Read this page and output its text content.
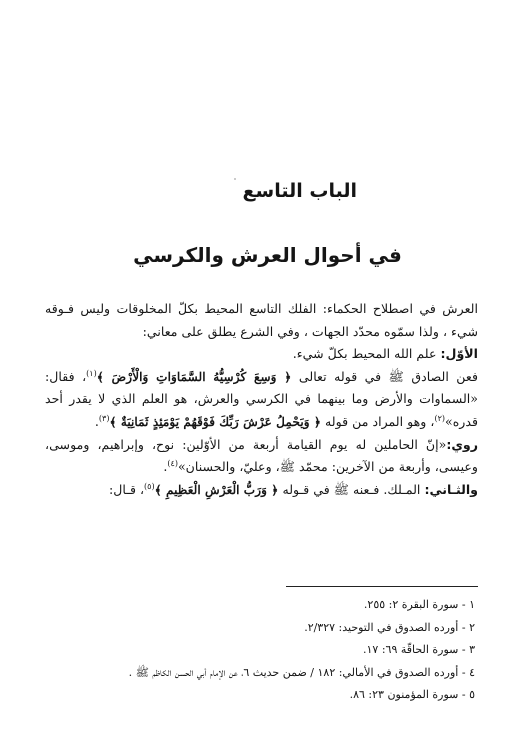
الباب التاسع
في أحوال العرش والكرسي

العرش في اصطلاح الحكماء: الفلك التاسع المحيط بكلّ المخلوقات وليس فـوقه شيء ، ولذا سمّوه محدّد الجهات ، وفي الشرع يطلق على معاني:

الأوّل: علم الله المحيط بكلّ شيء.

فعن الصادق ﷺ في قوله تعالى ﴿ وَسِعَ كُرْسِيُّهُ السَّمَاوَاتِ وَالْأَرْضَ ﴾$^{(١)}$، فقال: «السماوات والأرض وما بينهما في الكرسي والعرش، هو العلم الذي لا يقدر أحد قدره»$^{(٢)}$، وهو المراد من قوله ﴿ وَيَحْمِلُ عَرْشَ رَبِّكَ فَوْقَهُمْ يَوْمَئِذٍ ثَمَانِيَةٌ ﴾$^{(٣)}$.

روي:«إنّ الحاملين له يوم القيامة أربعة من الأوّلين: نوح، وإبراهيم، وموسى، وعيسى، وأربعة من الآخرين: محمّد ﷺ، وعليّ، والحسنان»$^{(٤)}$.

والثـاني: المـلك. فـعنه ﷺ في قـوله ﴿ وَرَبُّ الْعَرْشِ الْعَظِيمِ ﴾$^{(٥)}$، قـال:

١ - سورة البقرة ٢: ٢٥٥.
٢ - أورده الصدوق في التوحيد: ٢/٣٢٧.
٣ - سورة الحاقّة ٦٩: ١٧.
٤ - أورده الصدوق في الأمالي: ١٨٢ / ضمن حديث ٦، عن الإمام أبي الحسن الكاظم ﷺ .
٥ - سورة المؤمنون ٢٣: ٨٦.
